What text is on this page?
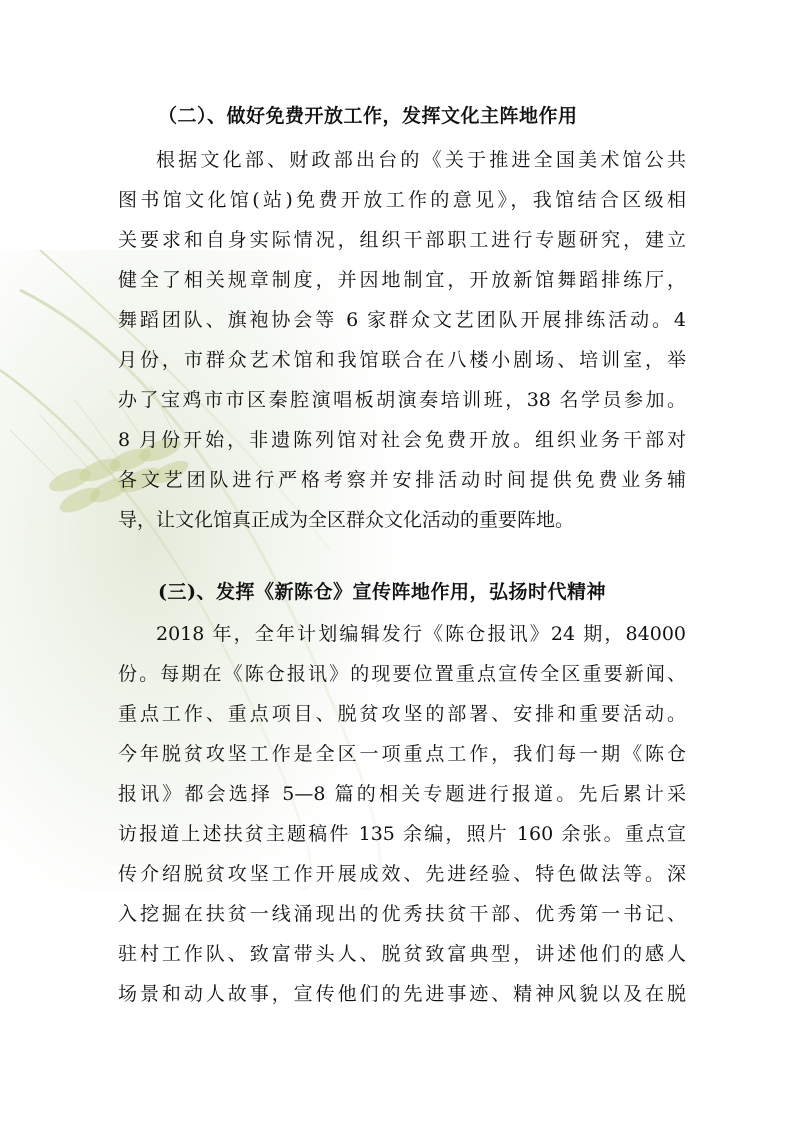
（二）、做好免费开放工作，发挥文化主阵地作用
根据文化部、财政部出台的《关于推进全国美术馆公共
图书馆文化馆(站)免费开放工作的意见》，我馆结合区级相
关要求和自身实际情况，组织干部职工进行专题研究，建立
健全了相关规章制度，并因地制宜，开放新馆舞蹈排练厅，
舞蹈团队、旗袍协会等 6 家群众文艺团队开展排练活动。4
月份，市群众艺术馆和我馆联合在八楼小剧场、培训室，举
办了宝鸡市市区秦腔演唱板胡演奏培训班，38 名学员参加。
8 月份开始，非遗陈列馆对社会免费开放。组织业务干部对
各文艺团队进行严格考察并安排活动时间提供免费业务辅
导，让文化馆真正成为全区群众文化活动的重要阵地。
(三)、发挥《新陈仓》宣传阵地作用，弘扬时代精神
2018 年，全年计划编辑发行《陈仓报讯》24 期，84000
份。每期在《陈仓报讯》的现要位置重点宣传全区重要新闻、
重点工作、重点项目、脱贫攻坚的部署、安排和重要活动。
今年脱贫攻坚工作是全区一项重点工作，我们每一期《陈仓
报讯》都会选择 5—8 篇的相关专题进行报道。先后累计采
访报道上述扶贫主题稿件 135 余编，照片 160 余张。重点宣
传介绍脱贫攻坚工作开展成效、先进经验、特色做法等。深
入挖掘在扶贫一线涌现出的优秀扶贫干部、优秀第一书记、
驻村工作队、致富带头人、脱贫致富典型，讲述他们的感人
场景和动人故事，宣传他们的先进事迹、精神风貌以及在脱
